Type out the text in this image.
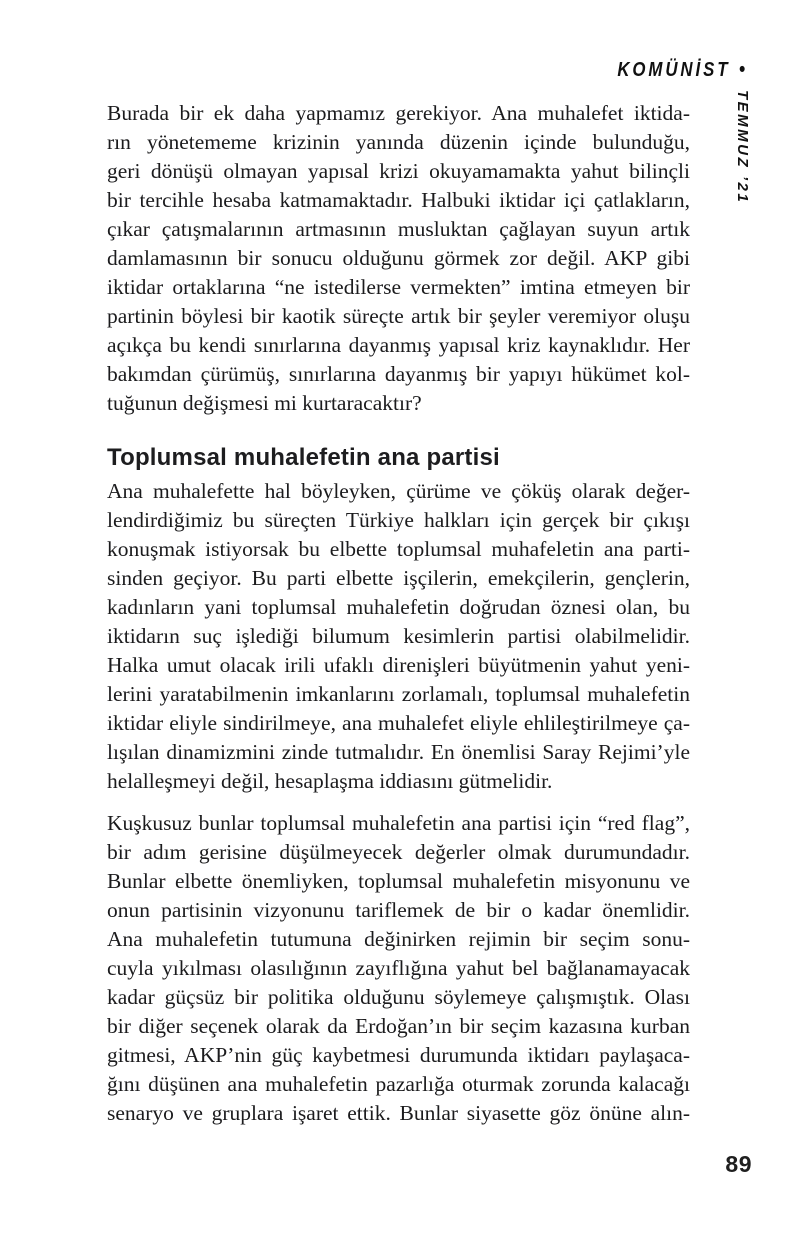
KOMÜNİST •
TEMMUZ ’21
Burada bir ek daha yapmamız gerekiyor. Ana muhalefet iktida-
rın yönetememe krizinin yanında düzenin içinde bulunduğu,
geri dönüşü olmayan yapısal krizi okuyamamakta yahut bilinçli
bir tercihle hesaba katmamaktadır. Halbuki iktidar içi çatlakların,
çıkar çatışmalarının artmasının musluktan çağlayan suyun artık
damlamasının bir sonucu olduğunu görmek zor değil. AKP gibi
iktidar ortaklarına “ne istedilerse vermekten” imtina etmeyen bir
partinin böylesi bir kaotik süreçte artık bir şeyler veremiyor oluşu
açıkça bu kendi sınırlarına dayanmış yapısal kriz kaynaklıdır. Her
bakımdan çürümüş, sınırlarına dayanmış bir yapıyı hükümet kol-
tuğunun değişmesi mi kurtaracaktır?
Toplumsal muhalefetin ana partisi
Ana muhalefette hal böyleyken, çürüme ve çöküş olarak değer-
lendirdiğimiz bu süreçten Türkiye halkları için gerçek bir çıkışı
konuşmak istiyorsak bu elbette toplumsal muhafeletin ana parti-
sinden geçiyor. Bu parti elbette işçilerin, emekçilerin, gençlerin,
kadınların yani toplumsal muhalefetin doğrudan öznesi olan, bu
iktidarın suç işlediği bilumum kesimlerin partisi olabilmelidir.
Halka umut olacak irili ufaklı direnişleri büyütmenin yahut yeni-
lerini yaratabilmenin imkanlarını zorlamalı, toplumsal muhalefetin
iktidar eliyle sindirilmeye, ana muhalefet eliyle ehlileştirilmeye ça-
lışılan dinamizmini zinde tutmalıdır. En önemlisi Saray Rejimi’yle
helalleşmeyi değil, hesaplaşma iddiasını gütmelidir.
Kuşkusuz bunlar toplumsal muhalefetin ana partisi için “red flag”,
bir adım gerisine düşülmeyecek değerler olmak durumundadır.
Bunlar elbette önemliyken, toplumsal muhalefetin misyonunu ve
onun partisinin vizyonunu tariflemek de bir o kadar önemlidir.
Ana muhalefetin tutumuna değinirken rejimin bir seçim sonu-
cuyla yıkılması olasılığının zayıflığına yahut bel bağlanamayacak
kadar güçsüz bir politika olduğunu söylemeye çalışmıştık. Olası
bir diğer seçenek olarak da Erdoğan’ın bir seçim kazasına kurban
gitmesi, AKP’nin güç kaybetmesi durumunda iktidarı paylaşaca-
ğını düşünen ana muhalefetin pazarlığa oturmak zorunda kalacağı
senaryo ve gruplara işaret ettik. Bunlar siyasette göz önüne alın-
89
